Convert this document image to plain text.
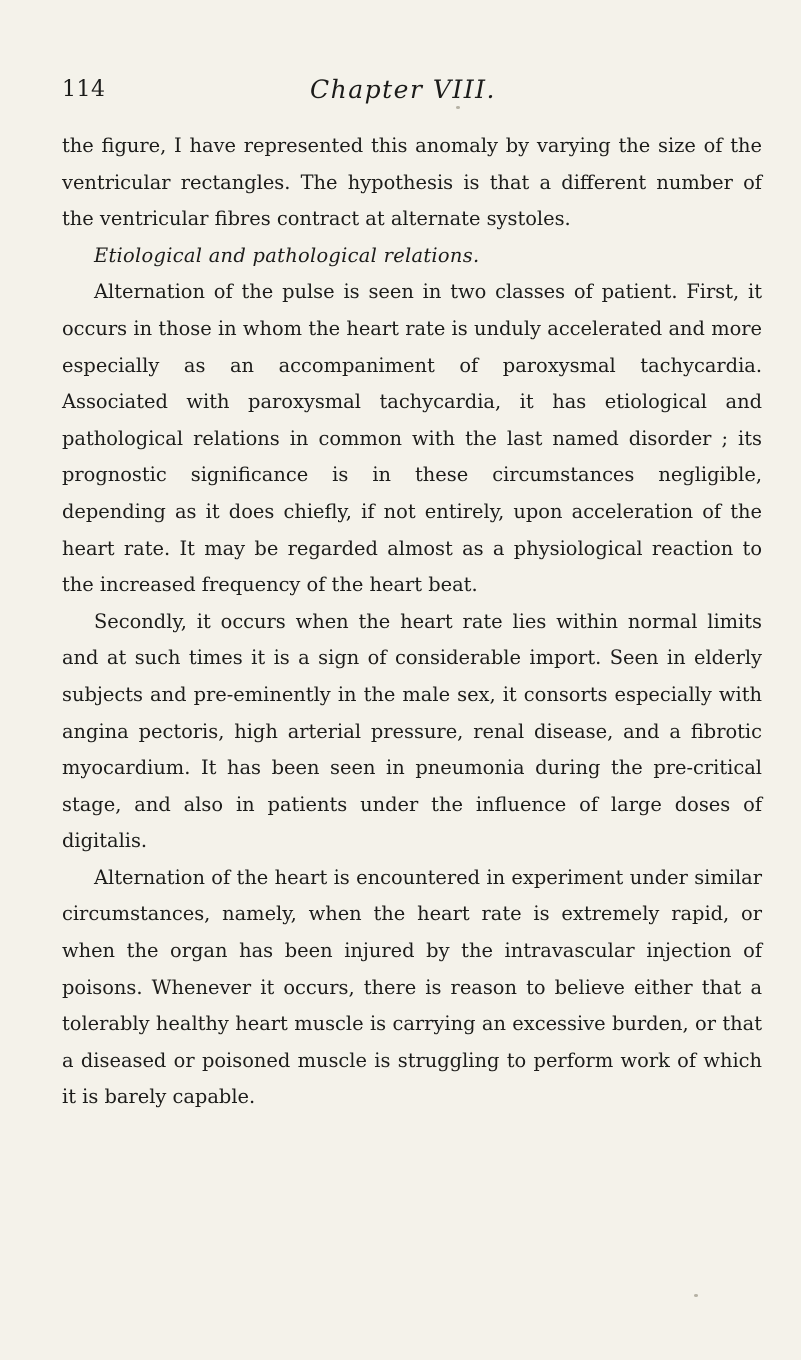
114	Chapter VIII.

the figure, I have represented this anomaly by varying the size of the ventricular rectangles. The hypothesis is that a different number of the ventricular fibres contract at alternate systoles.

Etiological and pathological relations.

Alternation of the pulse is seen in two classes of patient. First, it occurs in those in whom the heart rate is unduly accelerated and more especially as an accompaniment of paroxysmal tachycardia. Associated with paroxysmal tachycardia, it has etiological and pathological relations in common with the last named disorder ; its prognostic significance is in these circumstances negligible, depending as it does chiefly, if not entirely, upon acceleration of the heart rate. It may be regarded almost as a physiological reaction to the increased frequency of the heart beat.

Secondly, it occurs when the heart rate lies within normal limits and at such times it is a sign of considerable import. Seen in elderly subjects and pre-eminently in the male sex, it consorts especially with angina pectoris, high arterial pressure, renal disease, and a fibrotic myocardium. It has been seen in pneumonia during the pre-critical stage, and also in patients under the influence of large doses of digitalis.

Alternation of the heart is encountered in experiment under similar circumstances, namely, when the heart rate is extremely rapid, or when the organ has been injured by the intravascular injection of poisons. Whenever it occurs, there is reason to believe either that a tolerably healthy heart muscle is carrying an excessive burden, or that a diseased or poisoned muscle is struggling to perform work of which it is barely capable.
